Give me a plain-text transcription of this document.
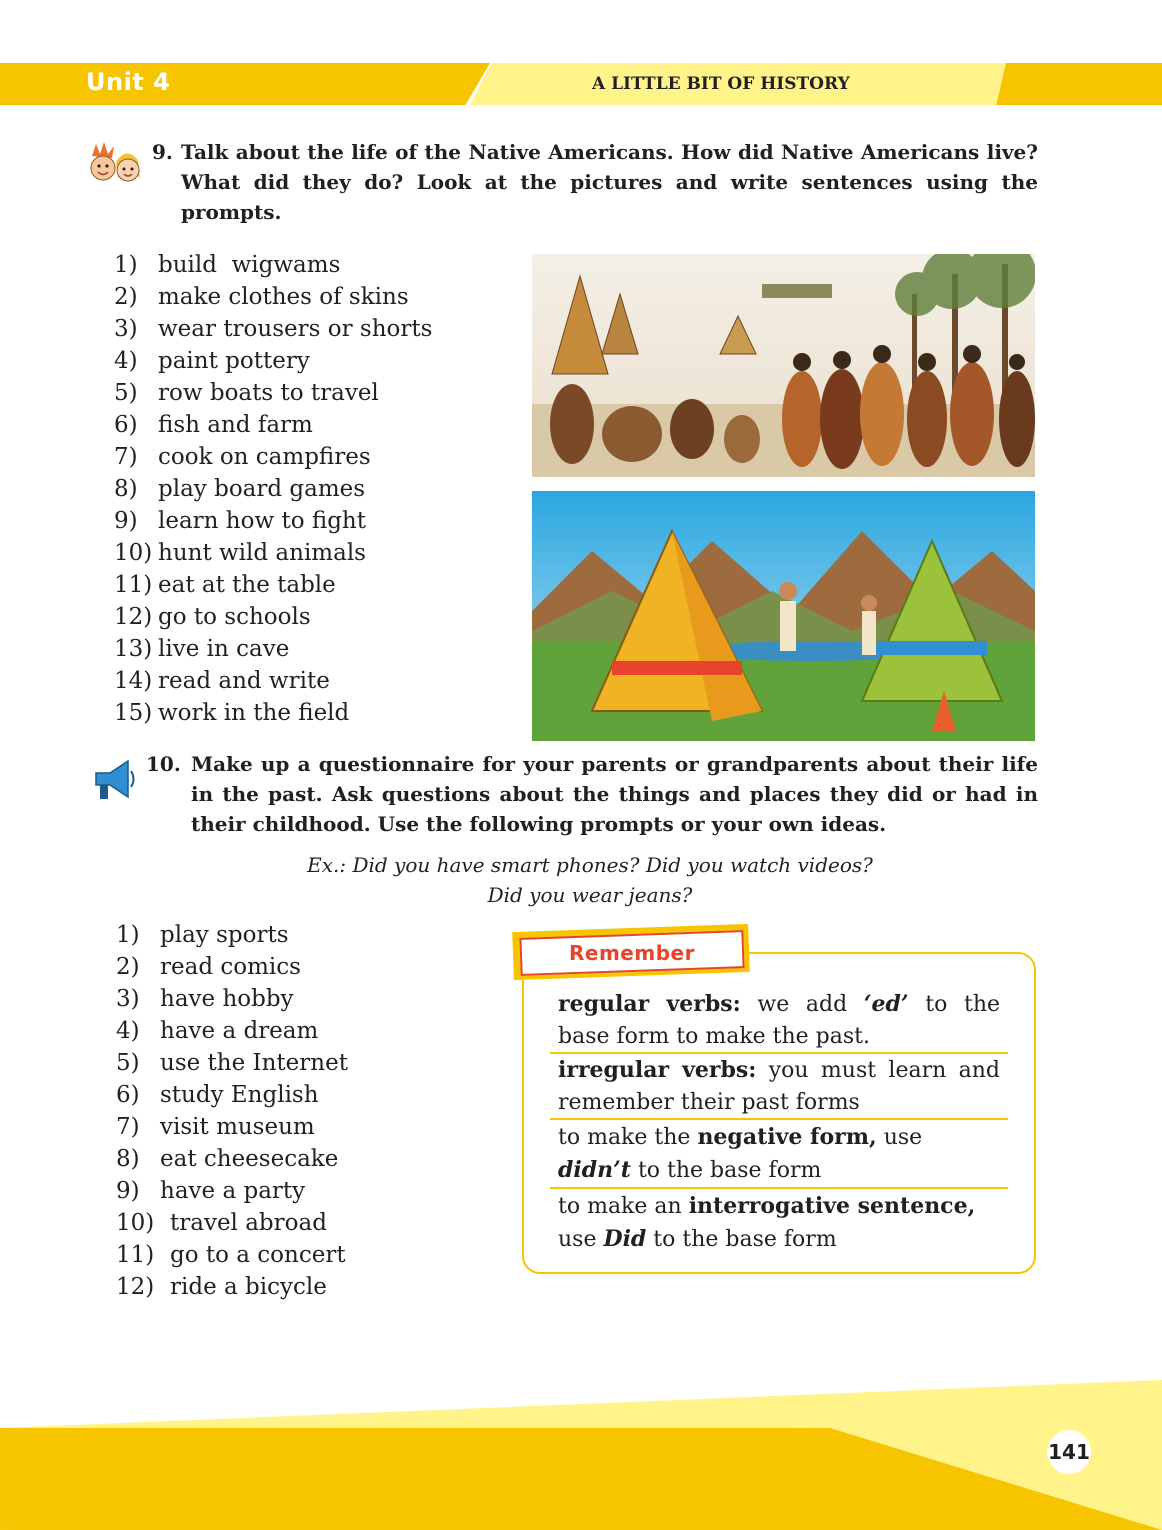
Unit 4	A LITTLE BIT OF HISTORY
9. Talk about the life of the Native Americans. How did Native Americans live? What did they do? Look at the pictures and write sentences using the prompts.
1) build  wigwams
2) make clothes of skins
3) wear trousers or shorts
4) paint pottery
5) row boats to travel
6) fish and farm
7) cook on campfires
8) play board games
9) learn how to fight
10) hunt wild animals
11) eat at the table
12) go to schools
13) live in cave
14) read and write
15) work in the field
10. Make up a questionnaire for your parents or grandparents about their life in the past. Ask questions about the things and places they did or had in their childhood. Use the following prompts or your own ideas.
Ex.: Did you have smart phones? Did you watch videos?
Did you wear jeans?
1) play sports
2) read comics
3) have hobby
4) have a dream
5) use the Internet
6) study English
7) visit museum
8) eat cheesecake
9) have a party
10) travel abroad
11) go to a concert
12) ride a bicycle
Remember
regular verbs: we add ‘ed’ to the base form to make the past.
irregular verbs: you must learn and remember their past forms
to make the negative form, use
didn’t to the base form
to make an interrogative sentence,
use Did to the base form
141
